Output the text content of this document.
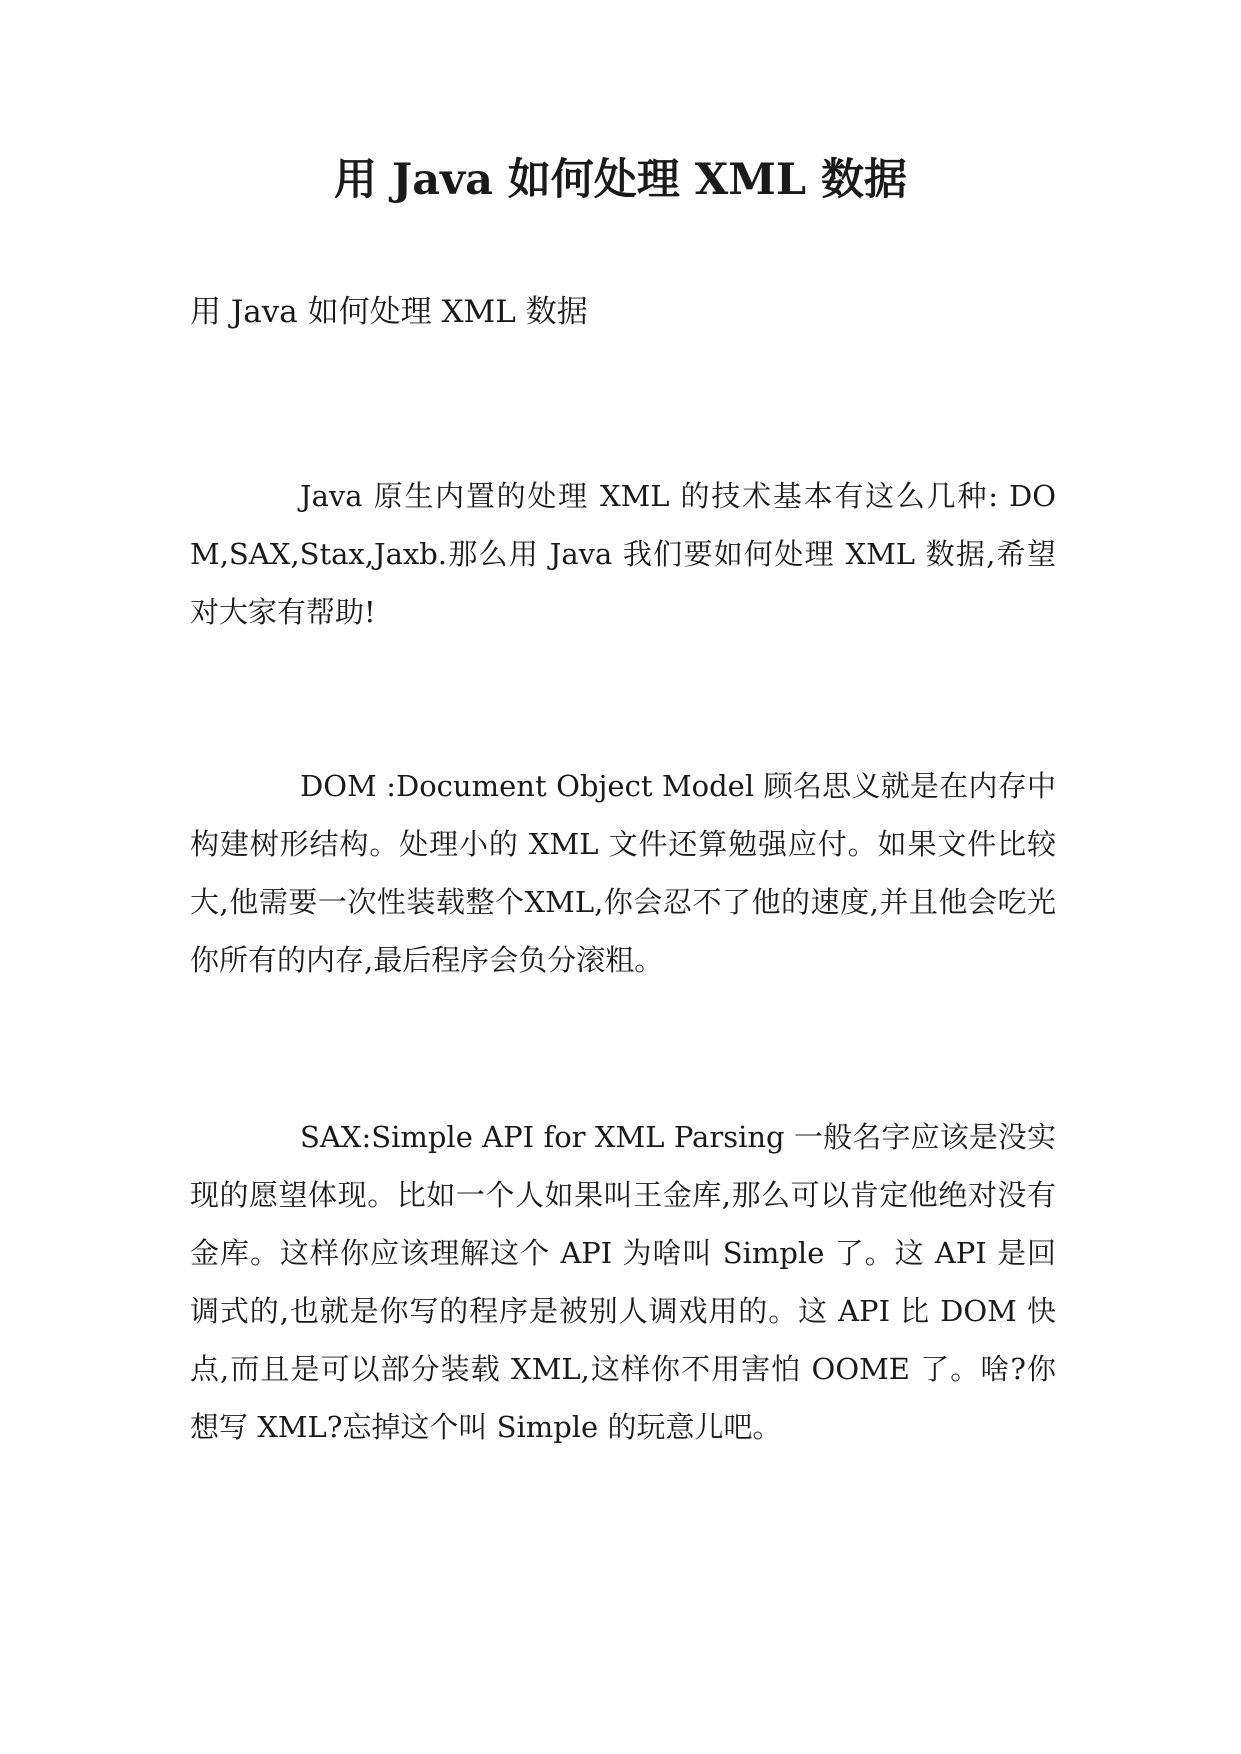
用 Java 如何处理 XML 数据

用 Java 如何处理 XML 数据

Java 原生内置的处理 XML 的技术基本有这么几种: DOM,SAX,Stax,Jaxb.那么用 Java 我们要如何处理 XML 数据,希望对大家有帮助!

DOM :Document Object Model 顾名思义就是在内存中构建树形结构。处理小的 XML 文件还算勉强应付。如果文件比较大,他需要一次性装载整个XML,你会忍不了他的速度,并且他会吃光你所有的内存,最后程序会负分滚粗。

SAX:Simple API for XML Parsing 一般名字应该是没实现的愿望体现。比如一个人如果叫王金库,那么可以肯定他绝对没有金库。这样你应该理解这个 API 为啥叫 Simple 了。这 API 是回调式的,也就是你写的程序是被别人调戏用的。这 API 比 DOM 快点,而且是可以部分装载 XML,这样你不用害怕 OOME 了。啥?你想写 XML?忘掉这个叫 Simple 的玩意儿吧。
